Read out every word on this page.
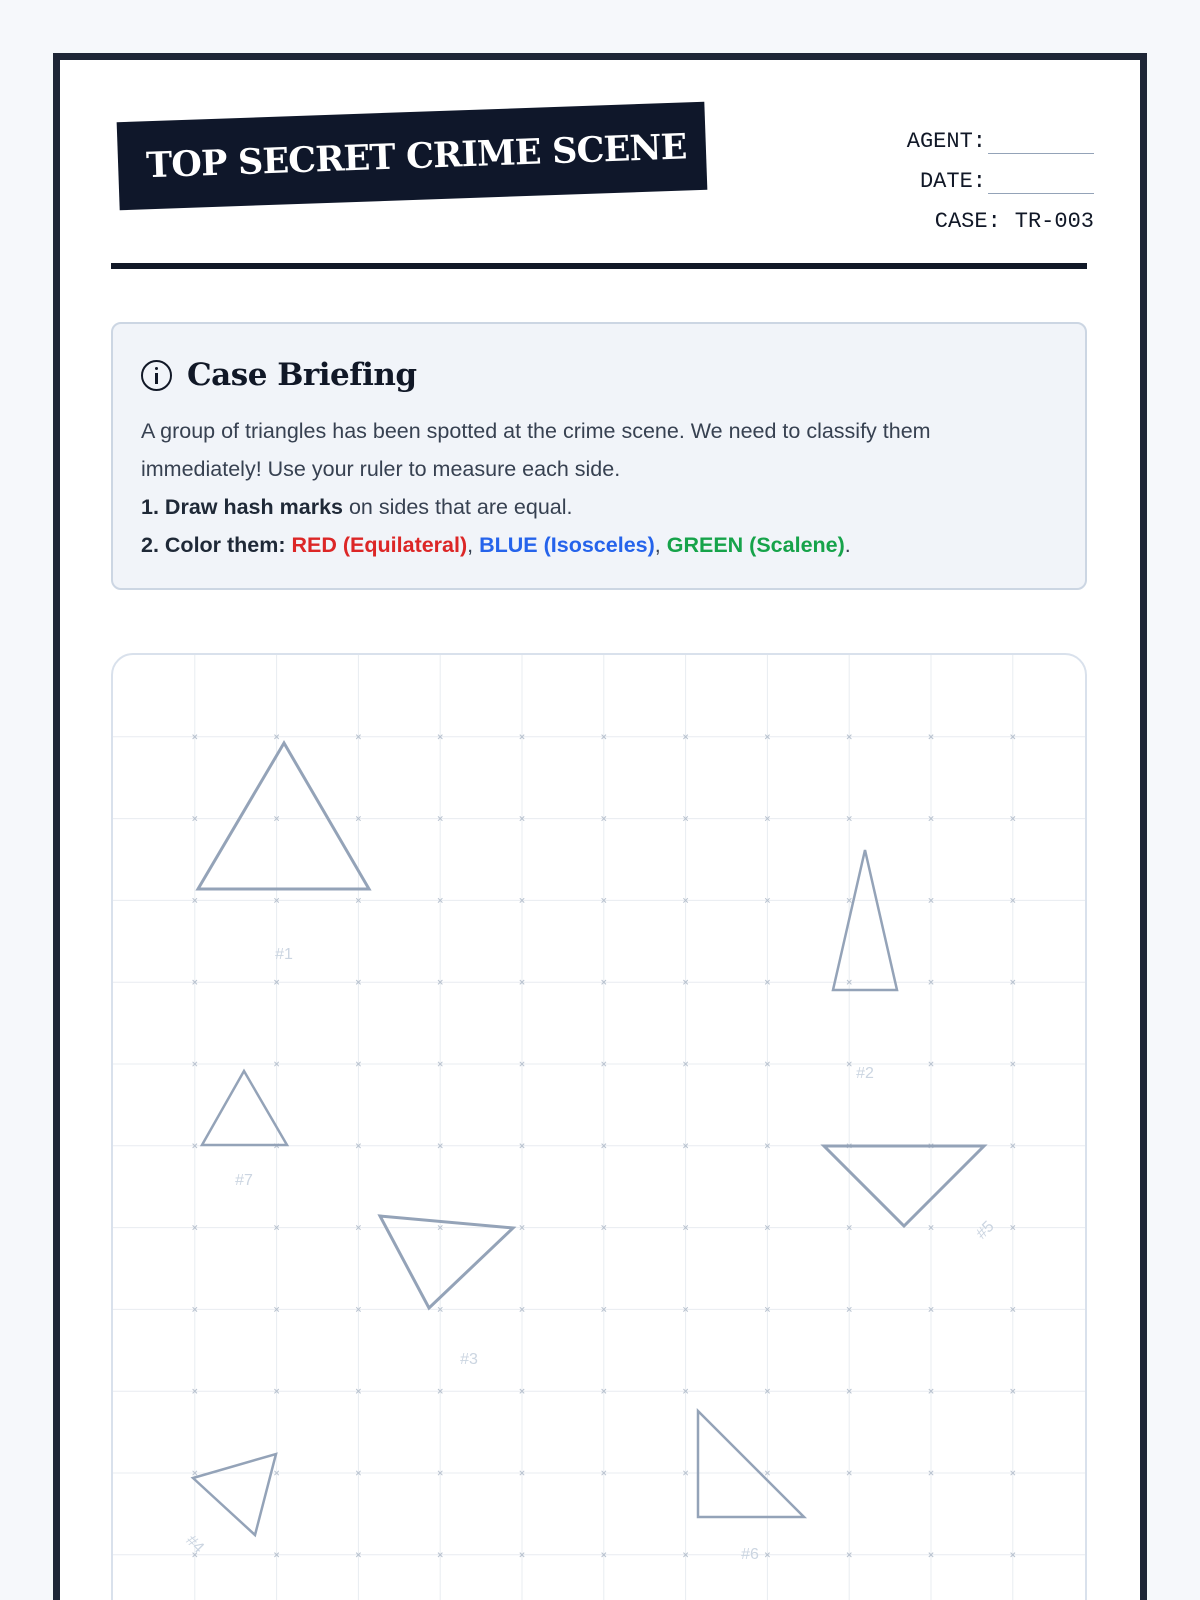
TOP SECRET CRIME SCENE	AGENT:
DATE:
CASE: TR-003
Case Briefing
A group of triangles has been spotted at the crime scene. We need to classify them immediately! Use your ruler to measure each side.
1. Draw hash marks on sides that are equal.
2. Color them: RED (Equilateral), BLUE (Isosceles), GREEN (Scalene).
#1
#2
#7
#5
#3
#4	#6
